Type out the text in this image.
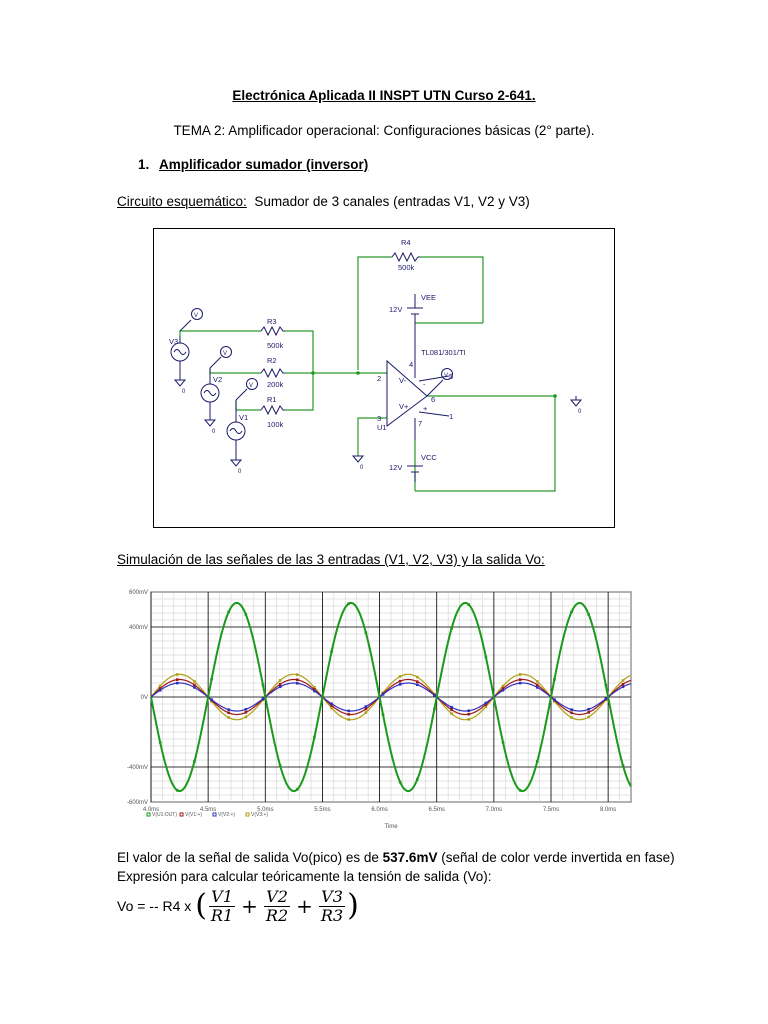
Electrónica Aplicada II INSPT UTN Curso 2-641.
TEMA 2: Amplificador operacional: Configuraciones básicas (2° parte).
1. Amplificador sumador (inversor)
Circuito esquemático: Sumador de 3 canales (entradas V1, V2 y V3)
R4
500k
R3
500k
R2
200k
R1
100k
V3
V2
V1
12V
VEE
12V
VCC
TL081/301/TI
U1
2
3
4
5
6
7
1
V-
V+
-
+
V
V
V
V
0
0
0
0
0
Simulación de las señales de las 3 entradas (V1, V2, V3) y la salida Vo:
4.0ms	4.5ms	5.0ms	5.5ms	6.0ms	6.5ms	7.0ms	7.5ms	8.0ms
600mV
400mV
0V
-400mV
-600mV
Time
V(U1:OUT) V(V1:+)	V(V2:+)	V(V3:+)
El valor de la señal de salida Vo(pico) es de 537.6mV (señal de color verde invertida en fase)
Expresión para calcular teóricamente la tensión de salida (Vo):
Vo = -- R4 x
( $\frac{V1}{R1} + \frac{V2}{R2} + \frac{V3}{R3}$ )
